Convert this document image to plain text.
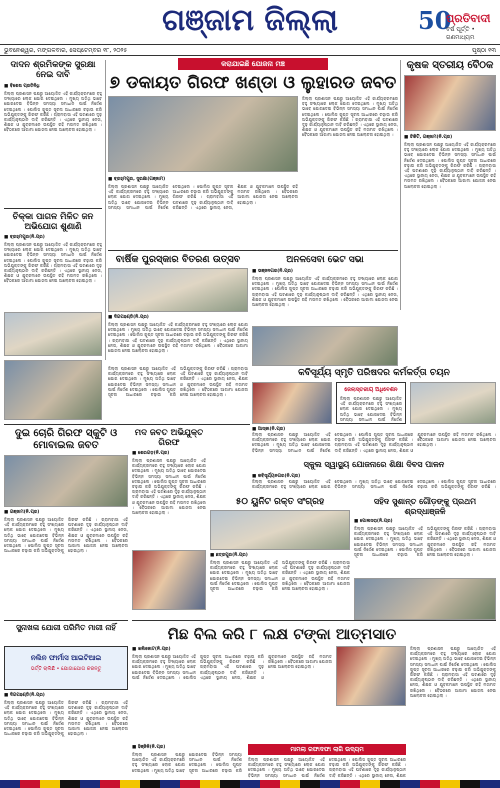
ଗଞ୍ଜାମ ଜିଲ୍ଲା	50
ପ୍ରତିବାଦୀ
ବର୍ଷ ପୂର୍ତ୍ତି • ଗଣମାଧ୍ୟମ
ଭୁବନେଶ୍ୱର, ମଙ୍ଗଳବାର, ସେପ୍ଟେମ୍ବର ୧୮, ୨୦୨୫	ପୃଷ୍ଠା ୧୩
ଦାଦନ ଶ୍ରମିକଙ୍କ ସୁରକ୍ଷା ନେଇ ଦାବି
■ ବିଶେଷ ପ୍ରତିନିଧି
ଜିଲ୍ଲା ପ୍ରଶାସନ ପକ୍ଷରୁ ଆୟୋଜିତ ଏହି କାର୍ଯ୍ୟକ୍ରମରେ ବହୁ ସଂଖ୍ୟାରେ ଲୋକ ଯୋଗ ଦେଇଥିଲେ । ମୁଖ୍ୟ ଅତିଥି ଭାବେ ଯୋଗଦେଇ ବିଭିନ୍ନ ସମସ୍ୟା ସମାଧାନ ପାଇଁ ନିର୍ଦ୍ଦେଶ ଦେଇଥିଲେ । ପୋଲିସ ଗୁପ୍ତ ସୂଚନା ଆଧାରରେ ଚଢ଼ାଉ କରି ଅଭିଯୁକ୍ତଙ୍କୁ ଗିରଫ କରିଛି । ଗ୍ରାମବାସୀ ଏହି ଘଟଣାରେ ଦୃଢ଼ କାର୍ଯ୍ୟାନୁଷ୍ଠାନ ଦାବି କରିଛନ୍ତି । ଏଥିରେ ସ୍ଥାନୀୟ ନେତା, ଶିକ୍ଷକ ଓ ଯୁବକମାନେ ଉପସ୍ଥିତ ରହି ମତାମତ ରଖିଥିଲେ । ବୈଠକରେ ଆଗାମୀ ଯୋଜନା ନେଇ ଆଲୋଚନା ହୋଇଥିଲା ।
ଚିକ୍କା ପାଗଳ ମିଳିତ ଜନ ଅଭିଯୋଗ ଶୁଣାଣି
■ ବ୍ରହ୍ମପୁର(ନି.ପ୍ର)
ଜିଲ୍ଲା ପ୍ରଶାସନ ପକ୍ଷରୁ ଆୟୋଜିତ ଏହି କାର୍ଯ୍ୟକ୍ରମରେ ବହୁ ସଂଖ୍ୟାରେ ଲୋକ ଯୋଗ ଦେଇଥିଲେ । ମୁଖ୍ୟ ଅତିଥି ଭାବେ ଯୋଗଦେଇ ବିଭିନ୍ନ ସମସ୍ୟା ସମାଧାନ ପାଇଁ ନିର୍ଦ୍ଦେଶ ଦେଇଥିଲେ । ପୋଲିସ ଗୁପ୍ତ ସୂଚନା ଆଧାରରେ ଚଢ଼ାଉ କରି ଅଭିଯୁକ୍ତଙ୍କୁ ଗିରଫ କରିଛି । ଗ୍ରାମବାସୀ ଏହି ଘଟଣାରେ ଦୃଢ଼ କାର୍ଯ୍ୟାନୁଷ୍ଠାନ ଦାବି କରିଛନ୍ତି । ଏଥିରେ ସ୍ଥାନୀୟ ନେତା, ଶିକ୍ଷକ ଓ ଯୁବକମାନେ ଉପସ୍ଥିତ ରହି ମତାମତ ରଖିଥିଲେ । ବୈଠକରେ ଆଗାମୀ ଯୋଜନା ନେଇ ଆଲୋଚନା ହୋଇଥିଲା ।
କରାଯାଇଛି ଯୋଜନା ମଞ୍ଚ
୭ ଡକାୟତ ଗିରଫ ଖଣ୍ଡା ଓ ଲୁହାରଡ ଜବତ
ଜିଲ୍ଲା ପ୍ରଶାସନ ପକ୍ଷରୁ ଆୟୋଜିତ ଏହି କାର୍ଯ୍ୟକ୍ରମରେ ବହୁ ସଂଖ୍ୟାରେ ଲୋକ ଯୋଗ ଦେଇଥିଲେ । ମୁଖ୍ୟ ଅତିଥି ଭାବେ ଯୋଗଦେଇ ବିଭିନ୍ନ ସମସ୍ୟା ସମାଧାନ ପାଇଁ ନିର୍ଦ୍ଦେଶ ଦେଇଥିଲେ । ପୋଲିସ ଗୁପ୍ତ ସୂଚନା ଆଧାରରେ ଚଢ଼ାଉ କରି ଅଭିଯୁକ୍ତଙ୍କୁ ଗିରଫ କରିଛି । ଗ୍ରାମବାସୀ ଏହି ଘଟଣାରେ ଦୃଢ଼ କାର୍ଯ୍ୟାନୁଷ୍ଠାନ ଦାବି କରିଛନ୍ତି । ଏଥିରେ ସ୍ଥାନୀୟ ନେତା, ଶିକ୍ଷକ ଓ ଯୁବକମାନେ ଉପସ୍ଥିତ ରହି ମତାମତ ରଖିଥିଲେ । ବୈଠକରେ ଆଗାମୀ ଯୋଜନା ନେଇ ଆଲୋଚନା ହୋଇଥିଲା ।
■ ବ୍ରହ୍ମପୁର, ସୁରକ୍ଷା(ଗଞ୍ଜାମ)
ଜିଲ୍ଲା ପ୍ରଶାସନ ପକ୍ଷରୁ ଆୟୋଜିତ ଏହି କାର୍ଯ୍ୟକ୍ରମରେ ବହୁ ସଂଖ୍ୟାରେ ଲୋକ ଯୋଗ ଦେଇଥିଲେ । ମୁଖ୍ୟ ଅତିଥି ଭାବେ ଯୋଗଦେଇ ବିଭିନ୍ନ ସମସ୍ୟା ସମାଧାନ ପାଇଁ ନିର୍ଦ୍ଦେଶ ଦେଇଥିଲେ । ପୋଲିସ ଗୁପ୍ତ ସୂଚନା ଆଧାରରେ ଚଢ଼ାଉ କରି ଅଭିଯୁକ୍ତଙ୍କୁ ଗିରଫ କରିଛି । ଗ୍ରାମବାସୀ ଏହି ଘଟଣାରେ ଦୃଢ଼ କାର୍ଯ୍ୟାନୁଷ୍ଠାନ ଦାବି କରିଛନ୍ତି । ଏଥିରେ ସ୍ଥାନୀୟ ନେତା, ଶିକ୍ଷକ ଓ ଯୁବକମାନେ ଉପସ୍ଥିତ ରହି ମତାମତ ରଖିଥିଲେ । ବୈଠକରେ ଆଗାମୀ ଯୋଜନା ନେଇ ଆଲୋଚନା ହୋଇଥିଲା ।
କୃଷକ ସ୍ତରୀୟ ବୈଠକ
■ ଚିକିଟି, ଗଞ୍ଜାମ(ନି.ପ୍ର)
ଜିଲ୍ଲା ପ୍ରଶାସନ ପକ୍ଷରୁ ଆୟୋଜିତ ଏହି କାର୍ଯ୍ୟକ୍ରମରେ ବହୁ ସଂଖ୍ୟାରେ ଲୋକ ଯୋଗ ଦେଇଥିଲେ । ମୁଖ୍ୟ ଅତିଥି ଭାବେ ଯୋଗଦେଇ ବିଭିନ୍ନ ସମସ୍ୟା ସମାଧାନ ପାଇଁ ନିର୍ଦ୍ଦେଶ ଦେଇଥିଲେ । ପୋଲିସ ଗୁପ୍ତ ସୂଚନା ଆଧାରରେ ଚଢ଼ାଉ କରି ଅଭିଯୁକ୍ତଙ୍କୁ ଗିରଫ କରିଛି । ଗ୍ରାମବାସୀ ଏହି ଘଟଣାରେ ଦୃଢ଼ କାର୍ଯ୍ୟାନୁଷ୍ଠାନ ଦାବି କରିଛନ୍ତି । ଏଥିରେ ସ୍ଥାନୀୟ ନେତା, ଶିକ୍ଷକ ଓ ଯୁବକମାନେ ଉପସ୍ଥିତ ରହି ମତାମତ ରଖିଥିଲେ । ବୈଠକରେ ଆଗାମୀ ଯୋଜନା ନେଇ ଆଲୋଚନା ହୋଇଥିଲା ।
ବାର୍ଷିକ ପୁରସ୍କାର ବିତରଣ ଉତ୍ସବ
■ ଦିଗପହଣ୍ଡି(ନି.ପ୍ର)
ଜିଲ୍ଲା ପ୍ରଶାସନ ପକ୍ଷରୁ ଆୟୋଜିତ ଏହି କାର୍ଯ୍ୟକ୍ରମରେ ବହୁ ସଂଖ୍ୟାରେ ଲୋକ ଯୋଗ ଦେଇଥିଲେ । ମୁଖ୍ୟ ଅତିଥି ଭାବେ ଯୋଗଦେଇ ବିଭିନ୍ନ ସମସ୍ୟା ସମାଧାନ ପାଇଁ ନିର୍ଦ୍ଦେଶ ଦେଇଥିଲେ । ପୋଲିସ ଗୁପ୍ତ ସୂଚନା ଆଧାରରେ ଚଢ଼ାଉ କରି ଅଭିଯୁକ୍ତଙ୍କୁ ଗିରଫ କରିଛି । ଗ୍ରାମବାସୀ ଏହି ଘଟଣାରେ ଦୃଢ଼ କାର୍ଯ୍ୟାନୁଷ୍ଠାନ ଦାବି କରିଛନ୍ତି । ଏଥିରେ ସ୍ଥାନୀୟ ନେତା, ଶିକ୍ଷକ ଓ ଯୁବକମାନେ ଉପସ୍ଥିତ ରହି ମତାମତ ରଖିଥିଲେ । ବୈଠକରେ ଆଗାମୀ ଯୋଜନା ନେଇ ଆଲୋଚନା ହୋଇଥିଲା ।
ଅନଳସେବା ଭେଟ ସଭା
■ ଭଞ୍ଜନଗର(ନି.ପ୍ର)
ଜିଲ୍ଲା ପ୍ରଶାସନ ପକ୍ଷରୁ ଆୟୋଜିତ ଏହି କାର୍ଯ୍ୟକ୍ରମରେ ବହୁ ସଂଖ୍ୟାରେ ଲୋକ ଯୋଗ ଦେଇଥିଲେ । ମୁଖ୍ୟ ଅତିଥି ଭାବେ ଯୋଗଦେଇ ବିଭିନ୍ନ ସମସ୍ୟା ସମାଧାନ ପାଇଁ ନିର୍ଦ୍ଦେଶ ଦେଇଥିଲେ । ପୋଲିସ ଗୁପ୍ତ ସୂଚନା ଆଧାରରେ ଚଢ଼ାଉ କରି ଅଭିଯୁକ୍ତଙ୍କୁ ଗିରଫ କରିଛି । ଗ୍ରାମବାସୀ ଏହି ଘଟଣାରେ ଦୃଢ଼ କାର୍ଯ୍ୟାନୁଷ୍ଠାନ ଦାବି କରିଛନ୍ତି । ଏଥିରେ ସ୍ଥାନୀୟ ନେତା, ଶିକ୍ଷକ ଓ ଯୁବକମାନେ ଉପସ୍ଥିତ ରହି ମତାମତ ରଖିଥିଲେ । ବୈଠକରେ ଆଗାମୀ ଯୋଜନା ନେଇ ଆଲୋଚନା ହୋଇଥିଲା ।
କବିସୂର୍ଯ୍ୟ ସ୍ମୃତି ପରିଷଦର କର୍ମକର୍ତ୍ତା ଚୟନ
ଜେଲାସ୍ତରୀୟ ଅଧିବେଶନ
ଜିଲ୍ଲା ପ୍ରଶାସନ ପକ୍ଷରୁ ଆୟୋଜିତ ଏହି କାର୍ଯ୍ୟକ୍ରମରେ ବହୁ ସଂଖ୍ୟାରେ ଲୋକ ଯୋଗ ଦେଇଥିଲେ । ମୁଖ୍ୟ ଅତିଥି ଭାବେ ଯୋଗଦେଇ ବିଭିନ୍ନ ସମସ୍ୟା ସମାଧାନ ପାଇଁ ନିର୍ଦ୍ଦେଶ
■ ଆସ୍କା(ନି.ପ୍ର)
ଜିଲ୍ଲା ପ୍ରଶାସନ ପକ୍ଷରୁ ଆୟୋଜିତ ଏହି କାର୍ଯ୍ୟକ୍ରମରେ ବହୁ ସଂଖ୍ୟାରେ ଲୋକ ଯୋଗ ଦେଇଥିଲେ । ମୁଖ୍ୟ ଅତିଥି ଭାବେ ଯୋଗଦେଇ ବିଭିନ୍ନ ସମସ୍ୟା ସମାଧାନ ପାଇଁ ନିର୍ଦ୍ଦେଶ ଦେଇଥିଲେ । ପୋଲିସ ଗୁପ୍ତ ସୂଚନା ଆଧାରରେ ଚଢ଼ାଉ କରି ଅଭିଯୁକ୍ତଙ୍କୁ ଗିରଫ କରିଛି । ଗ୍ରାମବାସୀ ଏହି ଘଟଣାରେ ଦୃଢ଼ କାର୍ଯ୍ୟାନୁଷ୍ଠାନ ଦାବି କରିଛନ୍ତି । ଏଥିରେ ସ୍ଥାନୀୟ ନେତା, ଶିକ୍ଷକ ଓ ଯୁବକମାନେ ଉପସ୍ଥିତ ରହି ମତାମତ ରଖିଥିଲେ । ବୈଠକରେ ଆଗାମୀ ଯୋଜନା ନେଇ ଆଲୋଚନା ହୋଇଥିଲା ।
ଜିଲ୍ଲା ପ୍ରଶାସନ ପକ୍ଷରୁ ଆୟୋଜିତ ଏହି କାର୍ଯ୍ୟକ୍ରମରେ ବହୁ ସଂଖ୍ୟାରେ ଲୋକ ଯୋଗ ଦେଇଥିଲେ । ମୁଖ୍ୟ ଅତିଥି ଭାବେ ଯୋଗଦେଇ ବିଭିନ୍ନ ସମସ୍ୟା ସମାଧାନ ପାଇଁ ନିର୍ଦ୍ଦେଶ ଦେଇଥିଲେ । ପୋଲିସ ଗୁପ୍ତ ସୂଚନା ଆଧାରରେ ଚଢ଼ାଉ କରି ଅଭିଯୁକ୍ତଙ୍କୁ ଗିରଫ କରିଛି । ଗ୍ରାମବାସୀ ଏହି ଘଟଣାରେ ଦୃଢ଼ କାର୍ଯ୍ୟାନୁଷ୍ଠାନ ଦାବି କରିଛନ୍ତି । ଏଥିରେ ସ୍ଥାନୀୟ ନେତା, ଶିକ୍ଷକ ଓ ଯୁବକମାନେ ଉପସ୍ଥିତ ରହି ମତାମତ ରଖିଥିଲେ । ବୈଠକରେ ଆଗାମୀ ଯୋଜନା ନେଇ ଆଲୋଚନା ହୋଇଥିଲା ।
ସ୍କୁଲ ସ୍ୱାସ୍ଥ୍ୟ ଯୋଜନାରେ ଶିକ୍ଷା ଦିବସ ପାଳନ
■ କବିସୂର୍ଯ୍ୟନଗର(ନି.ପ୍ର)
ଜିଲ୍ଲା ପ୍ରଶାସନ ପକ୍ଷରୁ ଆୟୋଜିତ ଏହି କାର୍ଯ୍ୟକ୍ରମରେ ବହୁ ସଂଖ୍ୟାରେ ଲୋକ ଯୋଗ ଦେଇଥିଲେ । ମୁଖ୍ୟ ଅତିଥି ଭାବେ ଯୋଗଦେଇ ବିଭିନ୍ନ ସମସ୍ୟା ସମାଧାନ ପାଇଁ ନିର୍ଦ୍ଦେଶ ଦେଇଥିଲେ । ପୋଲିସ ଗୁପ୍ତ ସୂଚନା ଆଧାରରେ ଚଢ଼ାଉ କରି ଅଭିଯୁକ୍ତଙ୍କୁ ଗିରଫ କରିଛି ।
ଦୁଇ ଚୋରି ଗିରଫ ସ୍କୁଟି ଓ ମୋବାଇଲ ଜବତ
■ ଗଞ୍ଜାମ(ନି.ପ୍ର)
ଜିଲ୍ଲା ପ୍ରଶାସନ ପକ୍ଷରୁ ଆୟୋଜିତ ଏହି କାର୍ଯ୍ୟକ୍ରମରେ ବହୁ ସଂଖ୍ୟାରେ ଲୋକ ଯୋଗ ଦେଇଥିଲେ । ମୁଖ୍ୟ ଅତିଥି ଭାବେ ଯୋଗଦେଇ ବିଭିନ୍ନ ସମସ୍ୟା ସମାଧାନ ପାଇଁ ନିର୍ଦ୍ଦେଶ ଦେଇଥିଲେ । ପୋଲିସ ଗୁପ୍ତ ସୂଚନା ଆଧାରରେ ଚଢ଼ାଉ କରି ଅଭିଯୁକ୍ତଙ୍କୁ ଗିରଫ କରିଛି । ଗ୍ରାମବାସୀ ଏହି ଘଟଣାରେ ଦୃଢ଼ କାର୍ଯ୍ୟାନୁଷ୍ଠାନ ଦାବି କରିଛନ୍ତି । ଏଥିରେ ସ୍ଥାନୀୟ ନେତା, ଶିକ୍ଷକ ଓ ଯୁବକମାନେ ଉପସ୍ଥିତ ରହି ମତାମତ ରଖିଥିଲେ । ବୈଠକରେ ଆଗାମୀ ଯୋଜନା ନେଇ ଆଲୋଚନା ହୋଇଥିଲା ।
ମଦ ଜବତ ଅଭିଯୁକ୍ତ ଗିରଫ
■ ଶେରଗଡ଼(ନି.ପ୍ର)
ଜିଲ୍ଲା ପ୍ରଶାସନ ପକ୍ଷରୁ ଆୟୋଜିତ ଏହି କାର୍ଯ୍ୟକ୍ରମରେ ବହୁ ସଂଖ୍ୟାରେ ଲୋକ ଯୋଗ ଦେଇଥିଲେ । ମୁଖ୍ୟ ଅତିଥି ଭାବେ ଯୋଗଦେଇ ବିଭିନ୍ନ ସମସ୍ୟା ସମାଧାନ ପାଇଁ ନିର୍ଦ୍ଦେଶ ଦେଇଥିଲେ । ପୋଲିସ ଗୁପ୍ତ ସୂଚନା ଆଧାରରେ ଚଢ଼ାଉ କରି ଅଭିଯୁକ୍ତଙ୍କୁ ଗିରଫ କରିଛି । ଗ୍ରାମବାସୀ ଏହି ଘଟଣାରେ ଦୃଢ଼ କାର୍ଯ୍ୟାନୁଷ୍ଠାନ ଦାବି କରିଛନ୍ତି । ଏଥିରେ ସ୍ଥାନୀୟ ନେତା, ଶିକ୍ଷକ ଓ ଯୁବକମାନେ ଉପସ୍ଥିତ ରହି ମତାମତ ରଖିଥିଲେ । ବୈଠକରେ ଆଗାମୀ ଯୋଜନା ନେଇ ଆଲୋଚନା ହୋଇଥିଲା ।
୫୦ ୟୁନିଟ ରକ୍ତ ସଂଗ୍ରହ
■ ଛତ୍ରପୁର(ନି.ପ୍ର)
ଜିଲ୍ଲା ପ୍ରଶାସନ ପକ୍ଷରୁ ଆୟୋଜିତ ଏହି କାର୍ଯ୍ୟକ୍ରମରେ ବହୁ ସଂଖ୍ୟାରେ ଲୋକ ଯୋଗ ଦେଇଥିଲେ । ମୁଖ୍ୟ ଅତିଥି ଭାବେ ଯୋଗଦେଇ ବିଭିନ୍ନ ସମସ୍ୟା ସମାଧାନ ପାଇଁ ନିର୍ଦ୍ଦେଶ ଦେଇଥିଲେ । ପୋଲିସ ଗୁପ୍ତ ସୂଚନା ଆଧାରରେ ଚଢ଼ାଉ କରି ଅଭିଯୁକ୍ତଙ୍କୁ ଗିରଫ କରିଛି । ଗ୍ରାମବାସୀ ଏହି ଘଟଣାରେ ଦୃଢ଼ କାର୍ଯ୍ୟାନୁଷ୍ଠାନ ଦାବି କରିଛନ୍ତି । ଏଥିରେ ସ୍ଥାନୀୟ ନେତା, ଶିକ୍ଷକ ଓ ଯୁବକମାନେ ଉପସ୍ଥିତ ରହି ମତାମତ ରଖିଥିଲେ । ବୈଠକରେ ଆଗାମୀ ଯୋଜନା ନେଇ ଆଲୋଚନା ହୋଇଥିଲା ।
ସହିଦ ସୁଶାନ୍ତ ଗୌଡ଼ଙ୍କୁ ପ୍ରଥମ ଶ୍ରଦ୍ଧାଞ୍ଜଳି
■ ପୋଲସରା(ନି.ପ୍ର)
ଜିଲ୍ଲା ପ୍ରଶାସନ ପକ୍ଷରୁ ଆୟୋଜିତ ଏହି କାର୍ଯ୍ୟକ୍ରମରେ ବହୁ ସଂଖ୍ୟାରେ ଲୋକ ଯୋଗ ଦେଇଥିଲେ । ମୁଖ୍ୟ ଅତିଥି ଭାବେ ଯୋଗଦେଇ ବିଭିନ୍ନ ସମସ୍ୟା ସମାଧାନ ପାଇଁ ନିର୍ଦ୍ଦେଶ ଦେଇଥିଲେ । ପୋଲିସ ଗୁପ୍ତ ସୂଚନା ଆଧାରରେ ଚଢ଼ାଉ କରି ଅଭିଯୁକ୍ତଙ୍କୁ ଗିରଫ କରିଛି । ଗ୍ରାମବାସୀ ଏହି ଘଟଣାରେ ଦୃଢ଼ କାର୍ଯ୍ୟାନୁଷ୍ଠାନ ଦାବି କରିଛନ୍ତି । ଏଥିରେ ସ୍ଥାନୀୟ ନେତା, ଶିକ୍ଷକ ଓ ଯୁବକମାନେ ଉପସ୍ଥିତ ରହି ମତାମତ ରଖିଥିଲେ । ବୈଠକରେ ଆଗାମୀ ଯୋଜନା ନେଇ ଆଲୋଚନା ହୋଇଥିଲା ।
ମିଛ ବିଲ କରି ୮ ଲକ୍ଷ ଟଙ୍କା ଆତ୍ମସାତ
■ ଖଲିକୋଟ(ନି.ପ୍ର)
ଜିଲ୍ଲା ପ୍ରଶାସନ ପକ୍ଷରୁ ଆୟୋଜିତ ଏହି କାର୍ଯ୍ୟକ୍ରମରେ ବହୁ ସଂଖ୍ୟାରେ ଲୋକ ଯୋଗ ଦେଇଥିଲେ । ମୁଖ୍ୟ ଅତିଥି ଭାବେ ଯୋଗଦେଇ ବିଭିନ୍ନ ସମସ୍ୟା ସମାଧାନ ପାଇଁ ନିର୍ଦ୍ଦେଶ ଦେଇଥିଲେ । ପୋଲିସ ଗୁପ୍ତ ସୂଚନା ଆଧାରରେ ଚଢ଼ାଉ କରି ଅଭିଯୁକ୍ତଙ୍କୁ ଗିରଫ କରିଛି । ଗ୍ରାମବାସୀ ଏହି ଘଟଣାରେ ଦୃଢ଼ କାର୍ଯ୍ୟାନୁଷ୍ଠାନ ଦାବି କରିଛନ୍ତି । ଏଥିରେ ସ୍ଥାନୀୟ ନେତା, ଶିକ୍ଷକ ଓ ଯୁବକମାନେ ଉପସ୍ଥିତ ରହି ମତାମତ ରଖିଥିଲେ । ବୈଠକରେ ଆଗାମୀ ଯୋଜନା ନେଇ ଆଲୋଚନା ହୋଇଥିଲା ।
ଜିଲ୍ଲା ପ୍ରଶାସନ ପକ୍ଷରୁ ଆୟୋଜିତ ଏହି କାର୍ଯ୍ୟକ୍ରମରେ ବହୁ ସଂଖ୍ୟାରେ ଲୋକ ଯୋଗ ଦେଇଥିଲେ । ମୁଖ୍ୟ ଅତିଥି ଭାବେ ଯୋଗଦେଇ ବିଭିନ୍ନ ସମସ୍ୟା ସମାଧାନ ପାଇଁ ନିର୍ଦ୍ଦେଶ ଦେଇଥିଲେ । ପୋଲିସ ଗୁପ୍ତ ସୂଚନା ଆଧାରରେ ଚଢ଼ାଉ କରି ଅଭିଯୁକ୍ତଙ୍କୁ ଗିରଫ କରିଛି । ଗ୍ରାମବାସୀ ଏହି ଘଟଣାରେ ଦୃଢ଼ କାର୍ଯ୍ୟାନୁଷ୍ଠାନ ଦାବି କରିଛନ୍ତି । ଏଥିରେ ସ୍ଥାନୀୟ ନେତା, ଶିକ୍ଷକ ଓ ଯୁବକମାନେ ଉପସ୍ଥିତ ରହି ମତାମତ ରଖିଥିଲେ । ବୈଠକରେ ଆଗାମୀ ଯୋଜନା ନେଇ ଆଲୋଚନା ହୋଇଥିଲା ।
ମାମଲା ରଫାଦଫା ଲାଗି ଉଦ୍ୟମ
ଜିଲ୍ଲା ପ୍ରଶାସନ ପକ୍ଷରୁ ଆୟୋଜିତ ଏହି କାର୍ଯ୍ୟକ୍ରମରେ ବହୁ ସଂଖ୍ୟାରେ ଲୋକ ଯୋଗ ଦେଇଥିଲେ । ମୁଖ୍ୟ ଅତିଥି ଭାବେ ଯୋଗଦେଇ ବିଭିନ୍ନ ସମସ୍ୟା ସମାଧାନ ପାଇଁ ନିର୍ଦ୍ଦେଶ ଦେଇଥିଲେ । ପୋଲିସ ଗୁପ୍ତ ସୂଚନା ଆଧାରରେ ଚଢ଼ାଉ କରି ଅଭିଯୁକ୍ତଙ୍କୁ ଗିରଫ କରିଛି । ଗ୍ରାମବାସୀ ଏହି ଘଟଣାରେ ଦୃଢ଼ କାର୍ଯ୍ୟାନୁଷ୍ଠାନ ଦାବି କରିଛନ୍ତି । ଏଥିରେ ସ୍ଥାନୀୟ ନେତା, ଶିକ୍ଷକ
■ ହିଞ୍ଜିଳି(ନି.ପ୍ର)
ଜିଲ୍ଲା ପ୍ରଶାସନ ପକ୍ଷରୁ ଆୟୋଜିତ ଏହି କାର୍ଯ୍ୟକ୍ରମରେ ବହୁ ସଂଖ୍ୟାରେ ଲୋକ ଯୋଗ ଦେଇଥିଲେ । ମୁଖ୍ୟ ଅତିଥି ଭାବେ ଯୋଗଦେଇ ବିଭିନ୍ନ ସମସ୍ୟା ସମାଧାନ ପାଇଁ ନିର୍ଦ୍ଦେଶ ଦେଇଥିଲେ । ପୋଲିସ ଗୁପ୍ତ ସୂଚନା ଆଧାରରେ ଚଢ଼ାଉ କରି
ସୁନାଖଳା ଯୋଗୀ ପରିମିତ ମାଗୀ ନାହିଁ
ନଲିନ ଫାର୍ମାସ ଆଇଟିଆଇ
ଭର୍ତ୍ତି ଚାଲିଛି • ଯୋଗାଯୋଗ କରନ୍ତୁ
■ ଦିଗପହଣ୍ଡି(ନି.ପ୍ର)
ଜିଲ୍ଲା ପ୍ରଶାସନ ପକ୍ଷରୁ ଆୟୋଜିତ ଏହି କାର୍ଯ୍ୟକ୍ରମରେ ବହୁ ସଂଖ୍ୟାରେ ଲୋକ ଯୋଗ ଦେଇଥିଲେ । ମୁଖ୍ୟ ଅତିଥି ଭାବେ ଯୋଗଦେଇ ବିଭିନ୍ନ ସମସ୍ୟା ସମାଧାନ ପାଇଁ ନିର୍ଦ୍ଦେଶ ଦେଇଥିଲେ । ପୋଲିସ ଗୁପ୍ତ ସୂଚନା ଆଧାରରେ ଚଢ଼ାଉ କରି ଅଭିଯୁକ୍ତଙ୍କୁ ଗିରଫ କରିଛି । ଗ୍ରାମବାସୀ ଏହି ଘଟଣାରେ ଦୃଢ଼ କାର୍ଯ୍ୟାନୁଷ୍ଠାନ ଦାବି କରିଛନ୍ତି । ଏଥିରେ ସ୍ଥାନୀୟ ନେତା, ଶିକ୍ଷକ ଓ ଯୁବକମାନେ ଉପସ୍ଥିତ ରହି ମତାମତ ରଖିଥିଲେ । ବୈଠକରେ ଆଗାମୀ ଯୋଜନା ନେଇ ଆଲୋଚନା ହୋଇଥିଲା ।
